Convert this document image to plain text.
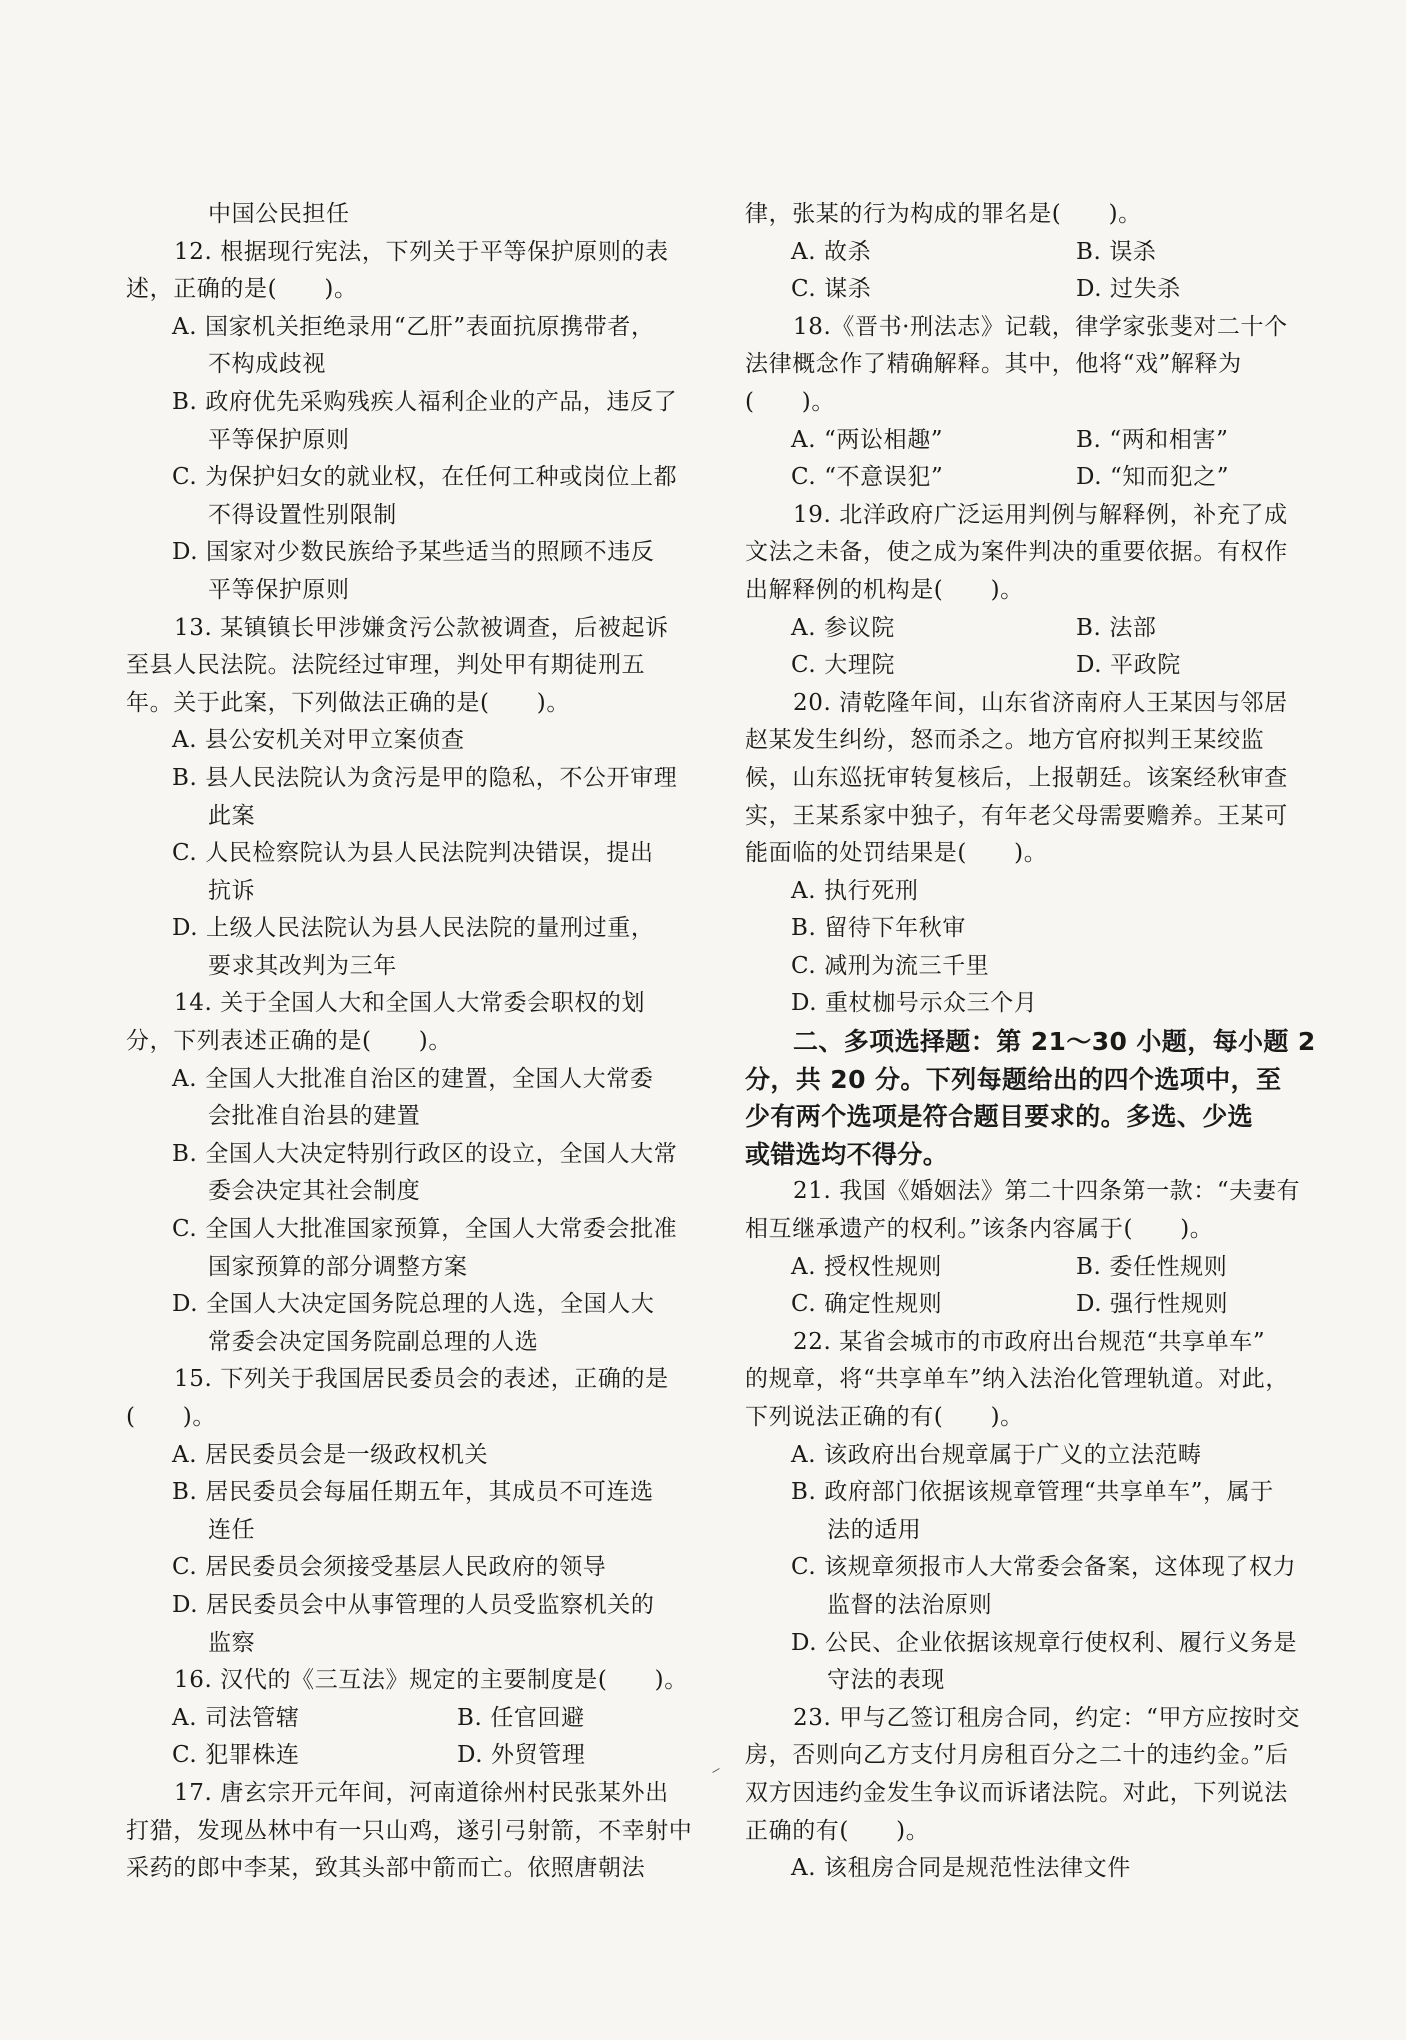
中国公民担任
12. 根据现行宪法，下列关于平等保护原则的表
述，正确的是(　　)。
A. 国家机关拒绝录用“乙肝”表面抗原携带者，
不构成歧视
B. 政府优先采购残疾人福利企业的产品，违反了
平等保护原则
C. 为保护妇女的就业权，在任何工种或岗位上都
不得设置性别限制
D. 国家对少数民族给予某些适当的照顾不违反
平等保护原则
13. 某镇镇长甲涉嫌贪污公款被调查，后被起诉
至县人民法院。法院经过审理，判处甲有期徒刑五
年。关于此案，下列做法正确的是(　　)。
A. 县公安机关对甲立案侦查
B. 县人民法院认为贪污是甲的隐私，不公开审理
此案
C. 人民检察院认为县人民法院判决错误，提出
抗诉
D. 上级人民法院认为县人民法院的量刑过重，
要求其改判为三年
14. 关于全国人大和全国人大常委会职权的划
分，下列表述正确的是(　　)。
A. 全国人大批准自治区的建置，全国人大常委
会批准自治县的建置
B. 全国人大决定特别行政区的设立，全国人大常
委会决定其社会制度
C. 全国人大批准国家预算，全国人大常委会批准
国家预算的部分调整方案
D. 全国人大决定国务院总理的人选，全国人大
常委会决定国务院副总理的人选
15. 下列关于我国居民委员会的表述，正确的是
(　　)。
A. 居民委员会是一级政权机关
B. 居民委员会每届任期五年，其成员不可连选
连任
C. 居民委员会须接受基层人民政府的领导
D. 居民委员会中从事管理的人员受监察机关的
监察
16. 汉代的《三互法》规定的主要制度是(　　)。
A. 司法管辖	B. 任官回避
C. 犯罪株连	D. 外贸管理
17. 唐玄宗开元年间，河南道徐州村民张某外出
打猎，发现丛林中有一只山鸡，遂引弓射箭，不幸射中
采药的郎中李某，致其头部中箭而亡。依照唐朝法
律，张某的行为构成的罪名是(　　)。
A. 故杀	B. 误杀
C. 谋杀	D. 过失杀
18.《晋书·刑法志》记载，律学家张斐对二十个
法律概念作了精确解释。其中，他将“戏”解释为
(　　)。
A. “两讼相趣”	B. “两和相害”
C. “不意误犯”	D. “知而犯之”
19. 北洋政府广泛运用判例与解释例，补充了成
文法之未备，使之成为案件判决的重要依据。有权作
出解释例的机构是(　　)。
A. 参议院	B. 法部
C. 大理院	D. 平政院
20. 清乾隆年间，山东省济南府人王某因与邻居
赵某发生纠纷，怒而杀之。地方官府拟判王某绞监
候，山东巡抚审转复核后，上报朝廷。该案经秋审查
实，王某系家中独子，有年老父母需要赡养。王某可
能面临的处罚结果是(　　)。
A. 执行死刑
B. 留待下年秋审
C. 减刑为流三千里
D. 重杖枷号示众三个月
二、多项选择题：第 21～30 小题，每小题 2
分，共 20 分。下列每题给出的四个选项中，至
少有两个选项是符合题目要求的。多选、少选
或错选均不得分。
21. 我国《婚姻法》第二十四条第一款：“夫妻有
相互继承遗产的权利。”该条内容属于(　　)。
A. 授权性规则	B. 委任性规则
C. 确定性规则	D. 强行性规则
22. 某省会城市的市政府出台规范“共享单车”
的规章，将“共享单车”纳入法治化管理轨道。对此，
下列说法正确的有(　　)。
A. 该政府出台规章属于广义的立法范畴
B. 政府部门依据该规章管理“共享单车”，属于
法的适用
C. 该规章须报市人大常委会备案，这体现了权力
监督的法治原则
D. 公民、企业依据该规章行使权利、履行义务是
守法的表现
23. 甲与乙签订租房合同，约定：“甲方应按时交
房，否则向乙方支付月房租百分之二十的违约金。”后
双方因违约金发生争议而诉诸法院。对此，下列说法
正确的有(　　)。
A. 该租房合同是规范性法律文件
